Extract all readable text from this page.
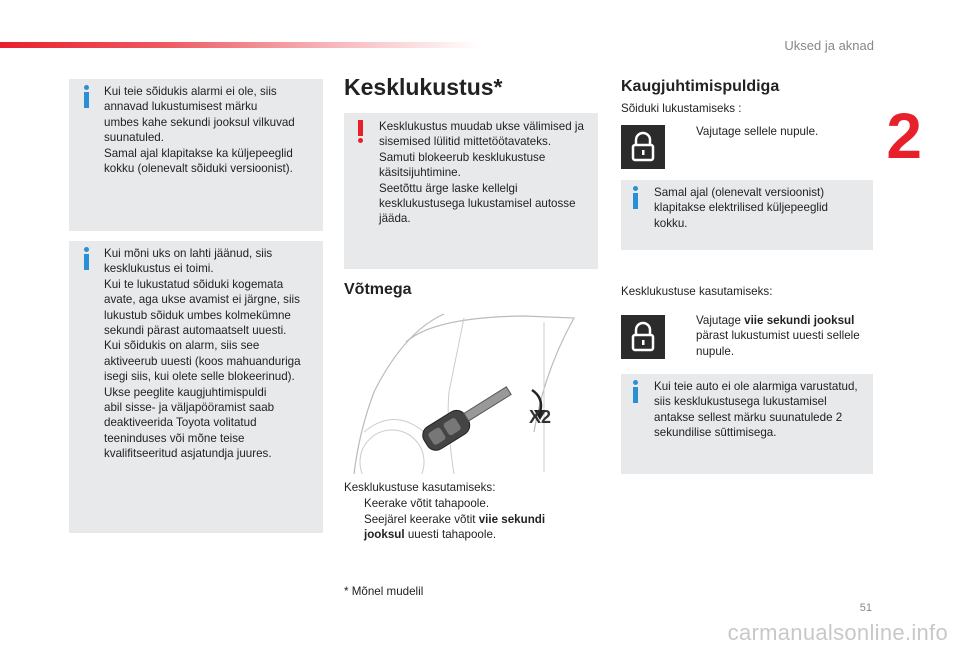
Uksed ja aknad
2
Kui teie sõidukis alarmi ei ole, siis
annavad lukustumisest märku
umbes kahe sekundi jooksul vilkuvad
suunatuled.
Samal ajal klapitakse ka küljepeeglid
kokku (olenevalt sõiduki versioonist).
Kui mõni uks on lahti jäänud, siis
kesklukustus ei toimi.
Kui te lukustatud sõiduki kogemata
avate, aga ukse avamist ei järgne, siis
lukustub sõiduk umbes kolmekümne
sekundi pärast automaatselt uuesti.
Kui sõidukis on alarm, siis see
aktiveerub uuesti (koos mahuanduriga
isegi siis, kui olete selle blokeerinud).
Ukse peeglite kaugjuhtimispuldi
abil sisse- ja väljapööramist saab
deaktiveerida Toyota volitatud
teeninduses või mõne teise
kvalifitseeritud asjatundja juures.
Kesklukustus*
Kesklukustus muudab ukse välimised ja
sisemised lülitid mittetöötavateks.
Samuti blokeerub kesklukustuse
käsitsijuhtimine.
Seetõttu ärge laske kellelgi
kesklukustusega lukustamisel autosse
jääda.
Võtmega
X2
Kesklukustuse kasutamiseks:
Keerake võtit tahapoole.
Seejärel keerake võtit viie sekundi
jooksul uuesti tahapoole.
* Mõnel mudelil
Kaugjuhtimispuldiga
Sõiduki lukustamiseks :
Vajutage sellele nupule.
Samal ajal (olenevalt versioonist)
klapitakse elektrilised küljepeeglid
kokku.
Kesklukustuse kasutamiseks:
Vajutage viie sekundi jooksul
pärast lukustumist uuesti sellele
nupule.
Kui teie auto ei ole alarmiga varustatud,
siis kesklukustusega lukustamisel
antakse sellest märku suunatulede 2
sekundilise sūttimisega.
51
carmanualsonline.info
